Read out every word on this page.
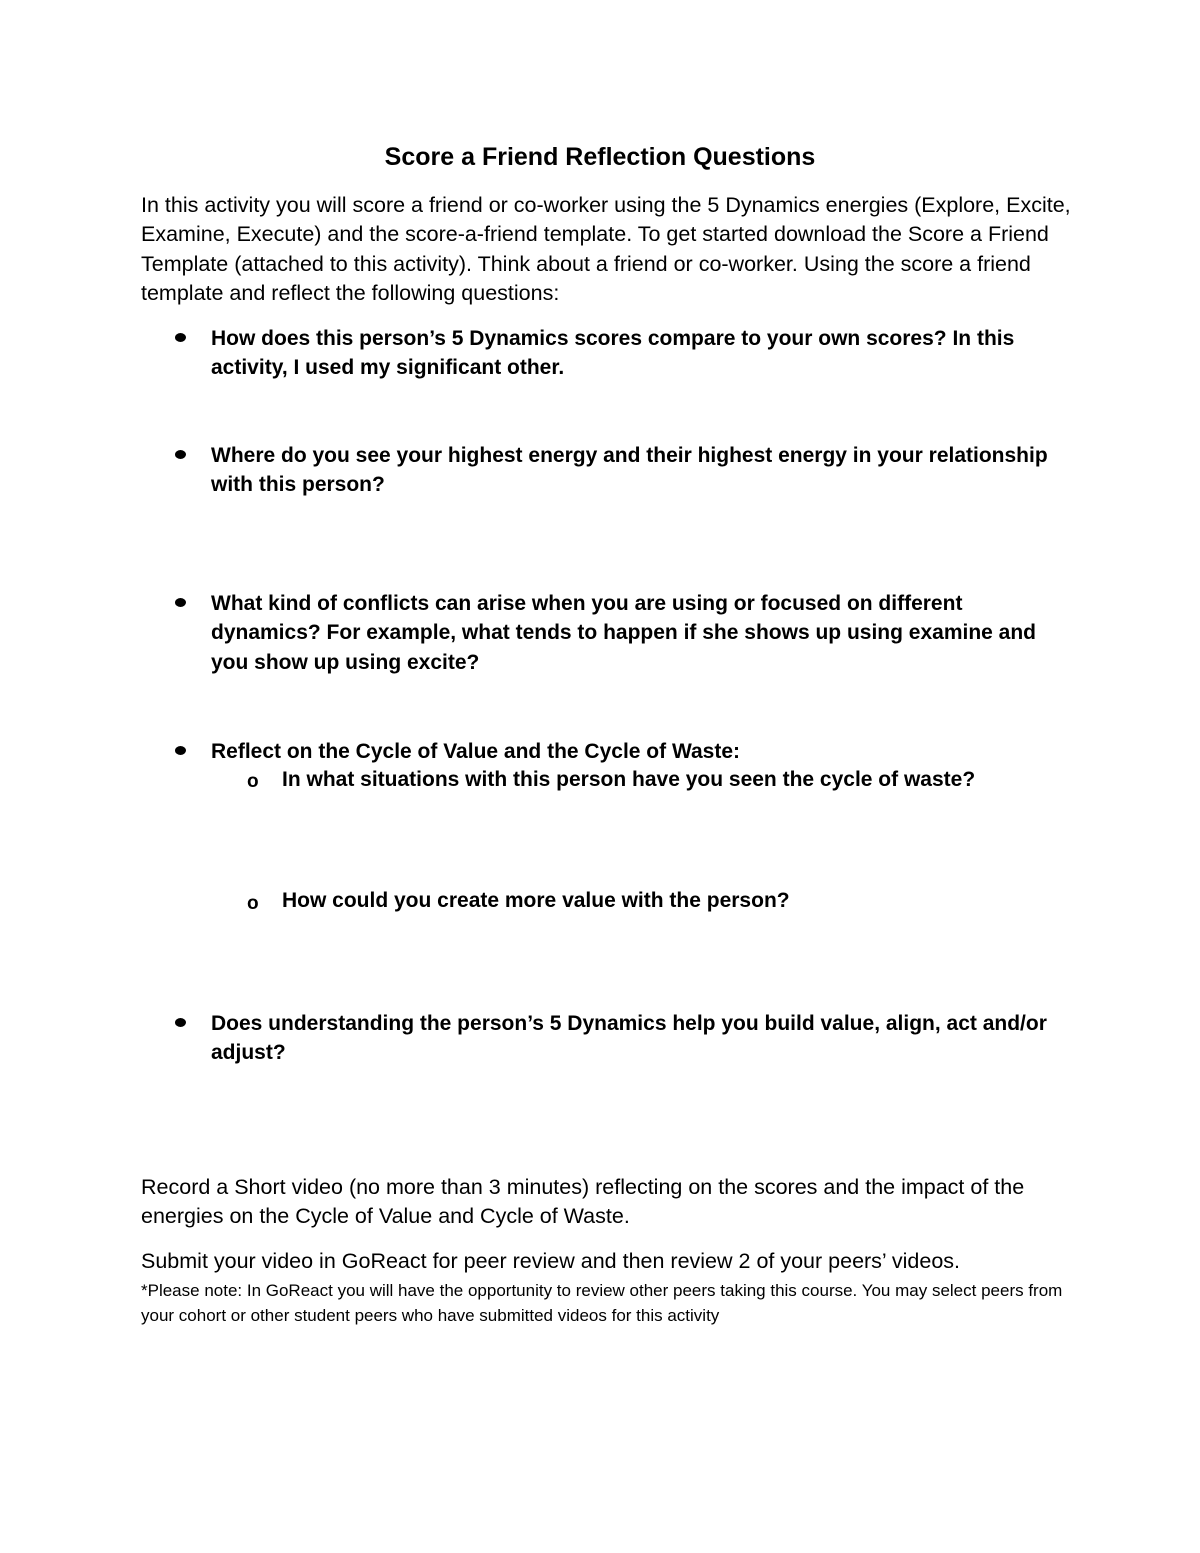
Score a Friend Reflection Questions

In this activity you will score a friend or co-worker using the 5 Dynamics energies (Explore, Excite, Examine, Execute) and the score-a-friend template. To get started download the Score a Friend Template (attached to this activity). Think about a friend or co-worker. Using the score a friend template and reflect the following questions:

How does this person’s 5 Dynamics scores compare to your own scores? In this activity, I used my significant other.

Where do you see your highest energy and their highest energy in your relationship with this person?

What kind of conflicts can arise when you are using or focused on different dynamics? For example, what tends to happen if she shows up using examine and you show up using excite?

Reflect on the Cycle of Value and the Cycle of Waste:

o In what situations with this person have you seen the cycle of waste?

o How could you create more value with the person?

Does understanding the person’s 5 Dynamics help you build value, align, act and/or adjust?

Record a Short video (no more than 3 minutes) reflecting on the scores and the impact of the energies on the Cycle of Value and Cycle of Waste.

Submit your video in GoReact for peer review and then review 2 of your peers’ videos.

*Please note: In GoReact you will have the opportunity to review other peers taking this course. You may select peers from your cohort or other student peers who have submitted videos for this activity
